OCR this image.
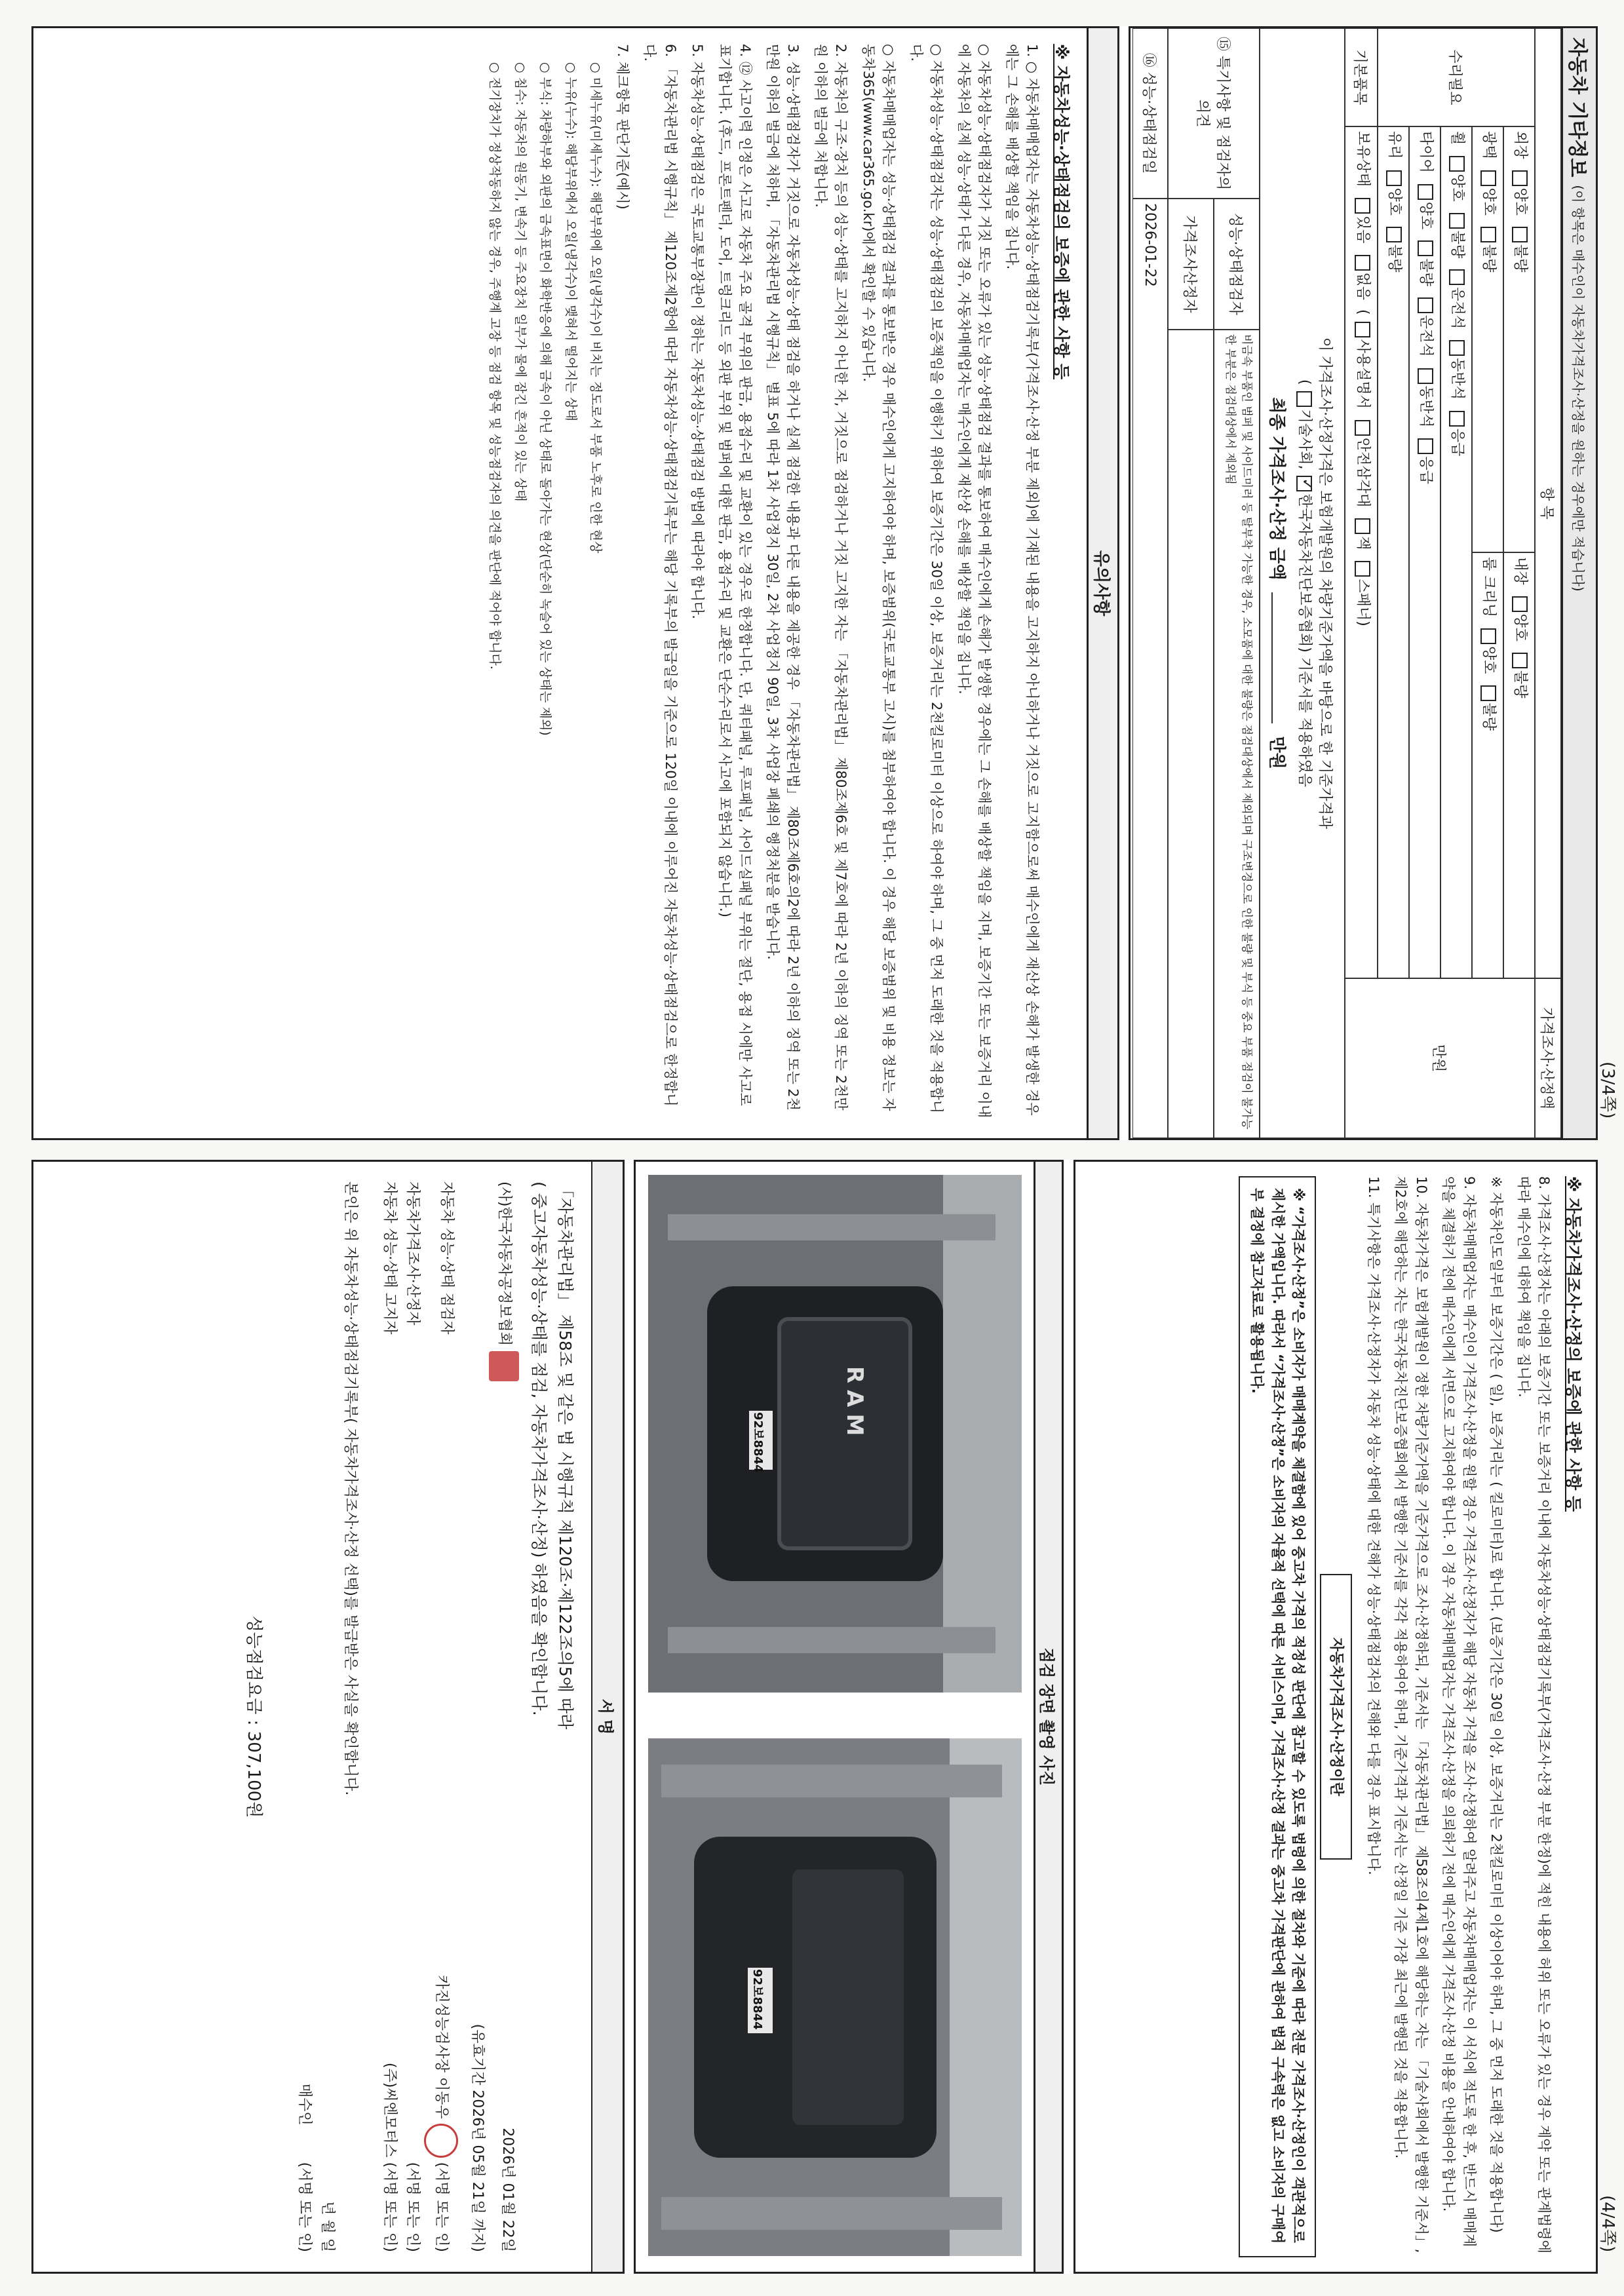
(3/4쪽)
자동차 기타정보
(이 항목은 매수인이 자동차가격조사·산정을 원하는 경우에만 적습니다)
항 목
가격조사·산정액
수리필요
외장 양호 불량
내장 양호 불량
광택 양호 불량
룸 크리닝 양호 불량
휠 양호 불량 운전석 동반석 응급
타이어 양호 불량 운전석 동반석 응급
유리 양호 불량
기본품목
보유상태 있음 없음  (사용설명서 안전삼각대 잭 스패너)
만원
이 가격조사·산정가격은 보험개발원의 차량기준가액을 바탕으로 한 기준가격과
(기술사회,✓한국자동차진단보증협회) 기준서를 적용하였음
최종 가격조사·산정 금액  만원
⑮ 특기사항 및 점검자의 의견
성능·상태점검자
비금속 부품인 범퍼 및 사이드미러 등 탈부착 가능한 경우, 소모품에 대한 불량은 점검대상에서 제외되며 구조변경으로 인한 불량 및 부식 등 중요 부품 점검이 불가능한 부분은 점검대상에서 제외됨
가격조사산정자
⑯ 성능·상태점검일
2026-01-22
유의사항
※ 자동차성능·상태점검의 보증에 관한 사항 등

1. ○ 자동차매매업자는 자동차성능·상태점검기록부(가격조사·산정 부분 제외)에 기재된 내용을 고지하지 아니하거나 거짓으로 고지함으로써 매수인에게 재산상 손해가 발생한 경우에는 그 손해를 배상할 책임을 집니다.

○ 자동차성능·상태점검자가 거짓 또는 오류가 있는 성능·상태점검 결과를 통보하여 매수인에게 손해가 발생한 경우에는 그 손해를 배상할 책임을 지며, 보증기간 또는 보증거리 이내에 자동차의 실제 성능·상태가 다른 경우, 자동차매매업자는 매수인에게 재산상 손해를 배상할 책임을 집니다.

○ 자동차성능·상태점검자는 성능·상태점검의 보증책임을 이행하기 위하여 보증기간은 30일 이상, 보증거리는 2천킬로미터 이상으로 하여야 하며, 그 중 먼저 도래한 것을 적용합니다.

○ 자동차매매업자는 성능·상태점검 결과를 통보받은 경우 매수인에게 고지하여야 하며, 보증범위(국토교통부 고시)를 첨부하여야 합니다. 이 경우 해당 보증범위 및 비용 정보는 자동차365(www.car365.go.kr)에서 확인할 수 있습니다.

2. 자동차의 구조·장치 등의 성능·상태를 고지하지 아니한 자, 거짓으로 점검하거나 거짓 고지한 자는 「자동차관리법」 제80조제6호 및 제7호에 따라 2년 이하의 징역 또는 2천만원 이하의 벌금에 처합니다.

3. 성능·상태점검자가 거짓으로 자동차성능·상태 점검을 하거나 실제 점검한 내용과 다른 내용을 제공한 경우 「자동차관리법」 제80조제6호의2에 따라 2년 이하의 징역 또는 2천만원 이하의 벌금에 처하며, 「자동차관리법 시행규칙」 별표 5에 따라 1차 사업정지 30일, 2차 사업정지 90일, 3차 사업장 폐쇄의 행정처분을 받습니다.

4. ⑫ 사고이력 인정은 사고로 자동차 주요 골격 부위의 판금, 용접수리 및 교환이 있는 경우로 한정합니다. 단, 쿼터패널, 루프패널, 사이드실패널 부위는 절단, 용접 시에만 사고로 표기합니다. (후드, 프론트펜더, 도어, 트렁크리드 등 외판 부위 및 범퍼에 대한 판금, 용접수리 및 교환은 단순수리로서 사고에 포함되지 않습니다.)

5. 자동차성능·상태점검은 국토교통부장관이 정하는 자동차성능·상태점검 방법에 따라야 합니다.

6. 「자동차관리법 시행규칙」 제120조제2항에 따라 자동차성능·상태점검기록부는 해당 기록부의 발급일을 기준으로 120일 이내에 이루어진 자동차성능·상태점검으로 한정합니다.

7. 체크항목 판단기준(예시)

○ 미세누유(미세누수): 해당부위에 오일(냉각수)이 비치는 정도로서 부품 노후로 인한 현상

○ 누유(누수): 해당부위에서 오일(냉각수)이 맺혀서 떨어지는 상태

○ 부식: 차량하부와 외판의 금속표면이 화학반응에 의해 금속이 아닌 상태로 돌아가는 현상(단순히 녹슬어 있는 상태는 제외)

○ 침수: 자동차의 원동기, 변속기 등 주요장치 일부가 물에 잠긴 흔적이 있는 상태

○ 전기장치가 정상작동하지 않는 경우, 주행계 고장 등 점검 항목 및 성능점검자의 의견을 판단에 적어야 합니다.

(4/4쪽)
※ 자동차가격조사·산정의 보증에 관한 사항 등

8. 가격조사·산정자는 아래의 보증기간 또는 보증거리 이내에 자동차성능·상태점검기록부(가격조사·산정 부분 한정)에 적힌 내용에 허위 또는 오류가 있는 경우 계약 또는 관계법령에 따라 매수인에 대하여 책임을 집니다.

※ 자동차인도일부터 보증기간은 ( 일), 보증거리는 ( 킬로미터)로 합니다. (보증기간은 30일 이상, 보증거리는 2천킬로미터 이상이어야 하며, 그 중 먼저 도래한 것을 적용합니다)

9. 자동차매매업자는 매수인이 가격조사·산정을 원할 경우 가격조사·산정자가 해당 자동차 가격을 조사·산정하여 알려주고 자동차매매업자는 이 서식에 적도록 한 후, 반드시 매매계약을 체결하기 전에 매수인에게 서면으로 고지하여야 합니다. 이 경우 자동차매매업자는 가격조사·산정을 의뢰하기 전에 매수인에게 가격조사·산정 비용을 안내하여야 합니다.

10. 자동차가격은 보험개발원이 정한 차량기준가액을 기준가격으로 조사·산정하되, 기준서는 「자동차관리법」 제58조의4제1호에 해당하는 자는 「기술사회에서 발행한 기준서」, 제2호에 해당하는 자는 한국자동차진단보증협회에서 발행한 기준서를 각각 적용하여야 하며, 기준가격과 기준서는 산정일 기준 가장 최근에 발행된 것을 적용합니다.

11. 특기사항은 가격조사·산정자가 자동차 성능·상태에 대한 견해가 성능·상태점검자의 견해와 다를 경우 표시합니다.

자동차가격조사·산정이란
※ “가격조사·산정”은 소비자가 매매계약을 체결함에 있어 중고차 가격의 적정성 판단에 참고할 수 있도록 법령에 의한 절차와 기준에 따라 전문 가격조사·산정인이 객관적으로 제시한 가액입니다. 따라서 “가격조사·산정”은 소비자의 자율적 선택에 따른 서비스이며, 가격조사·산정 결과는 중고차 가격판단에 관하여 법적 구속력은 없고 소비자의 구매여부 결정에 참고자료로 활용됩니다.
점검 장면 촬영 사진
RAM
92보8844
92보8844
서 명
「자동차관리법」 제58조 및 같은 법 시행규칙 제120조·제122조의5에 따라
( 중고자동차성능·상태를 점검, 자동차가격조사·산정) 하였음을 확인합니다.
(사)한국자동차공정보협회
2026년 01월 22일
(유효기간 2026년 05월 21일 까지)
자동차 성능·상태 점검자
카진성능검사장 이동우  (서명 또는 인)
자동차가격조사·산정자
(서명 또는 인)
자동차 성능·상태 고지자
(주)씨엔모터스 (서명 또는 인)
본인은 위 자동차성능·상태점검기록부( 자동차가격조사·산정 선택)를 발급받은 사실을 확인합니다.
년 월 일
매수인        (서명 또는 인)
성능점검요금 : 307,100원
